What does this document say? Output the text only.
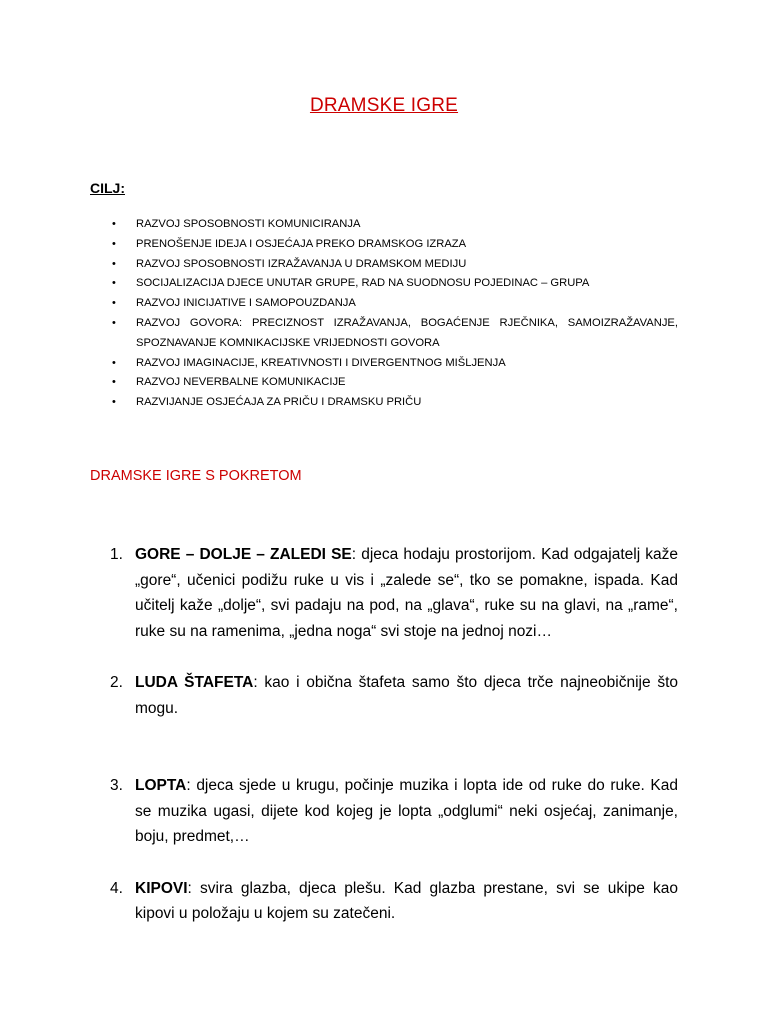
DRAMSKE IGRE
CILJ:
• RAZVOJ SPOSOBNOSTI KOMUNICIRANJA
• PRENOŠENJE IDEJA I OSJEĆAJA PREKO DRAMSKOG IZRAZA
• RAZVOJ SPOSOBNOSTI IZRAŽAVANJA U DRAMSKOM MEDIJU
• SOCIJALIZACIJA DJECE UNUTAR GRUPE, RAD NA SUODNOSU POJEDINAC – GRUPA
• RAZVOJ INICIJATIVE I SAMOPOUZDANJA
• RAZVOJ GOVORA: PRECIZNOST IZRAŽAVANJA, BOGAĆENJE RJEČNIKA, SAMOIZRAŽAVANJE, SPOZNAVANJE KOMNIKACIJSKE VRIJEDNOSTI GOVORA
• RAZVOJ IMAGINACIJE, KREATIVNOSTI I DIVERGENTNOG MIŠLJENJA
• RAZVOJ NEVERBALNE KOMUNIKACIJE
• RAZVIJANJE OSJEĆAJA ZA PRIČU I DRAMSKU PRIČU
DRAMSKE IGRE S POKRETOM
1. GORE – DOLJE – ZALEDI SE: djeca hodaju prostorijom. Kad odgajatelj kaže „gore“, učenici podižu ruke u vis i „zalede se“, tko se pomakne, ispada. Kad učitelj kaže „dolje“, svi padaju na pod, na „glava“, ruke su na glavi, na „rame“, ruke su na ramenima, „jedna noga“ svi stoje na jednoj nozi…
2. LUDA ŠTAFETA: kao i obična štafeta samo što djeca trče najneobičnije što mogu.
3. LOPTA: djeca sjede u krugu, počinje muzika i lopta ide od ruke do ruke. Kad se muzika ugasi, dijete kod kojeg je lopta „odglumi“ neki osjećaj, zanimanje, boju, predmet,…
4. KIPOVI: svira glazba, djeca plešu. Kad glazba prestane, svi se ukipe kao kipovi u položaju u kojem su zatečeni.
